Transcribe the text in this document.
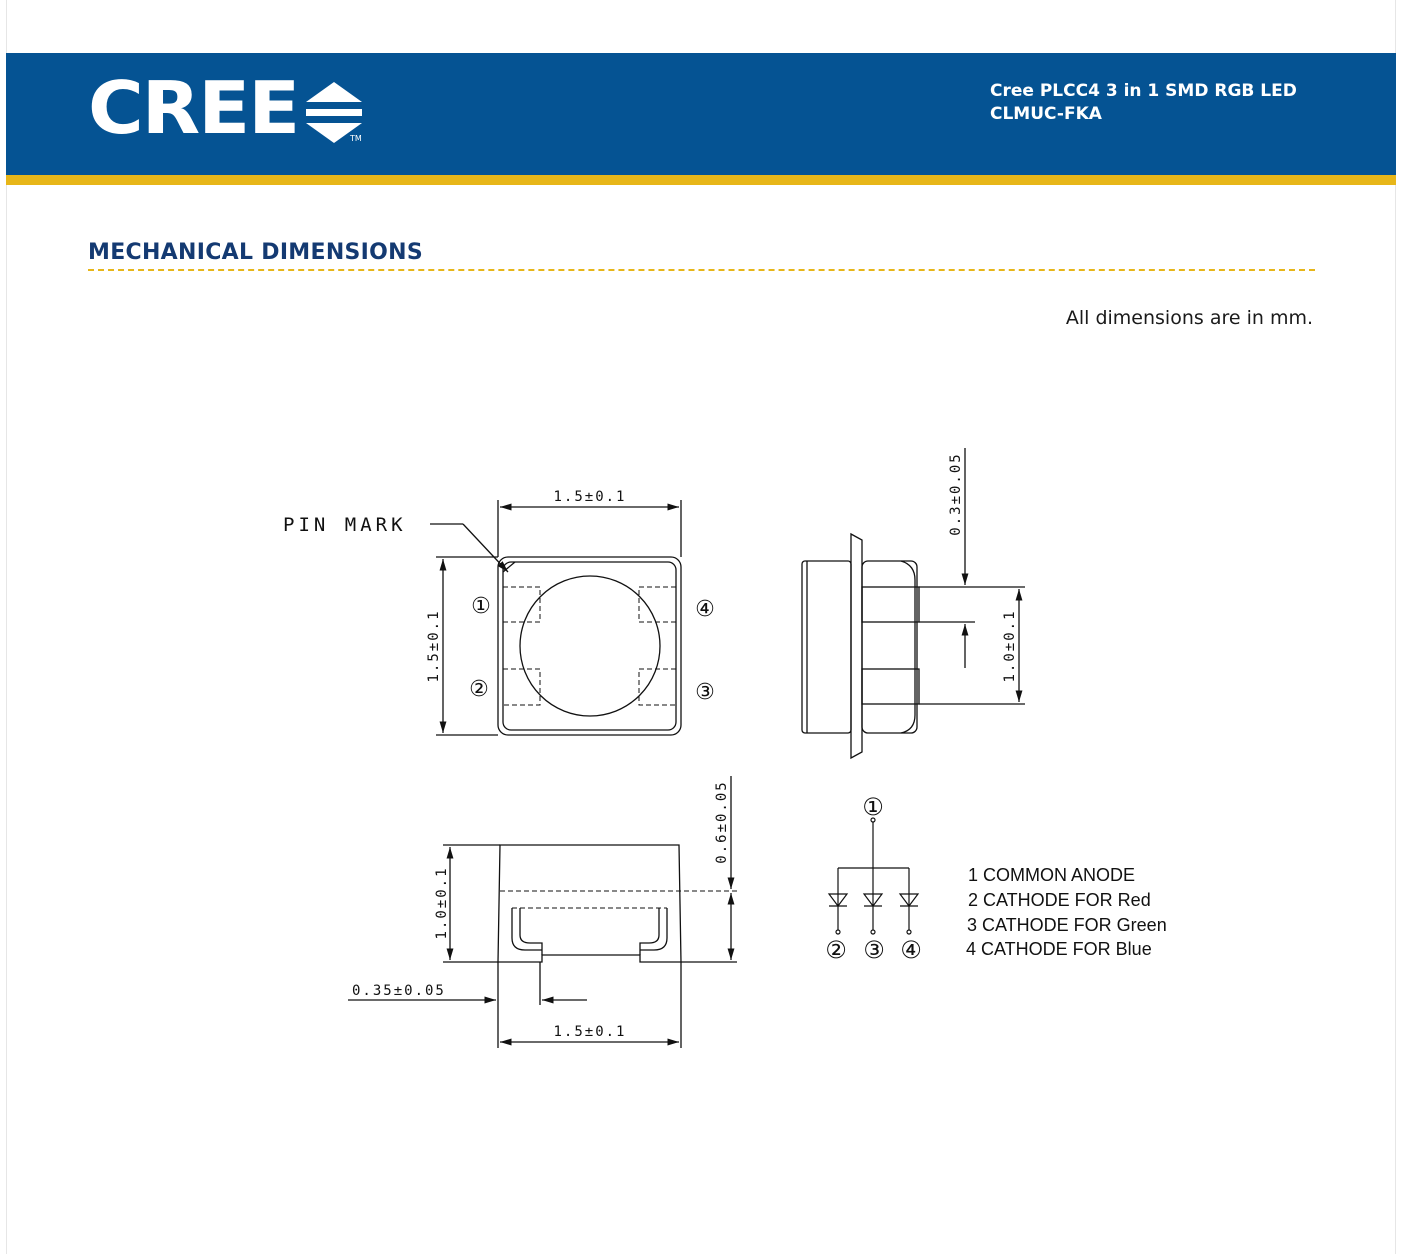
CREE	TM
Cree PLCC4 3 in 1 SMD RGB LED
CLMUC-FKA
MECHANICAL DIMENSIONS
All dimensions are in mm.
1.5±0.1
1.5±0.1
PIN MARK
①
②
④
③
0.3±0.05
1.0±0.1
1.0±0.1
0.6±0.05
0.35±0.05
1.5±0.1
①
② ③ ④
1 COMMON ANODE
2 CATHODE FOR Red
3 CATHODE FOR Green
4 CATHODE FOR Blue
